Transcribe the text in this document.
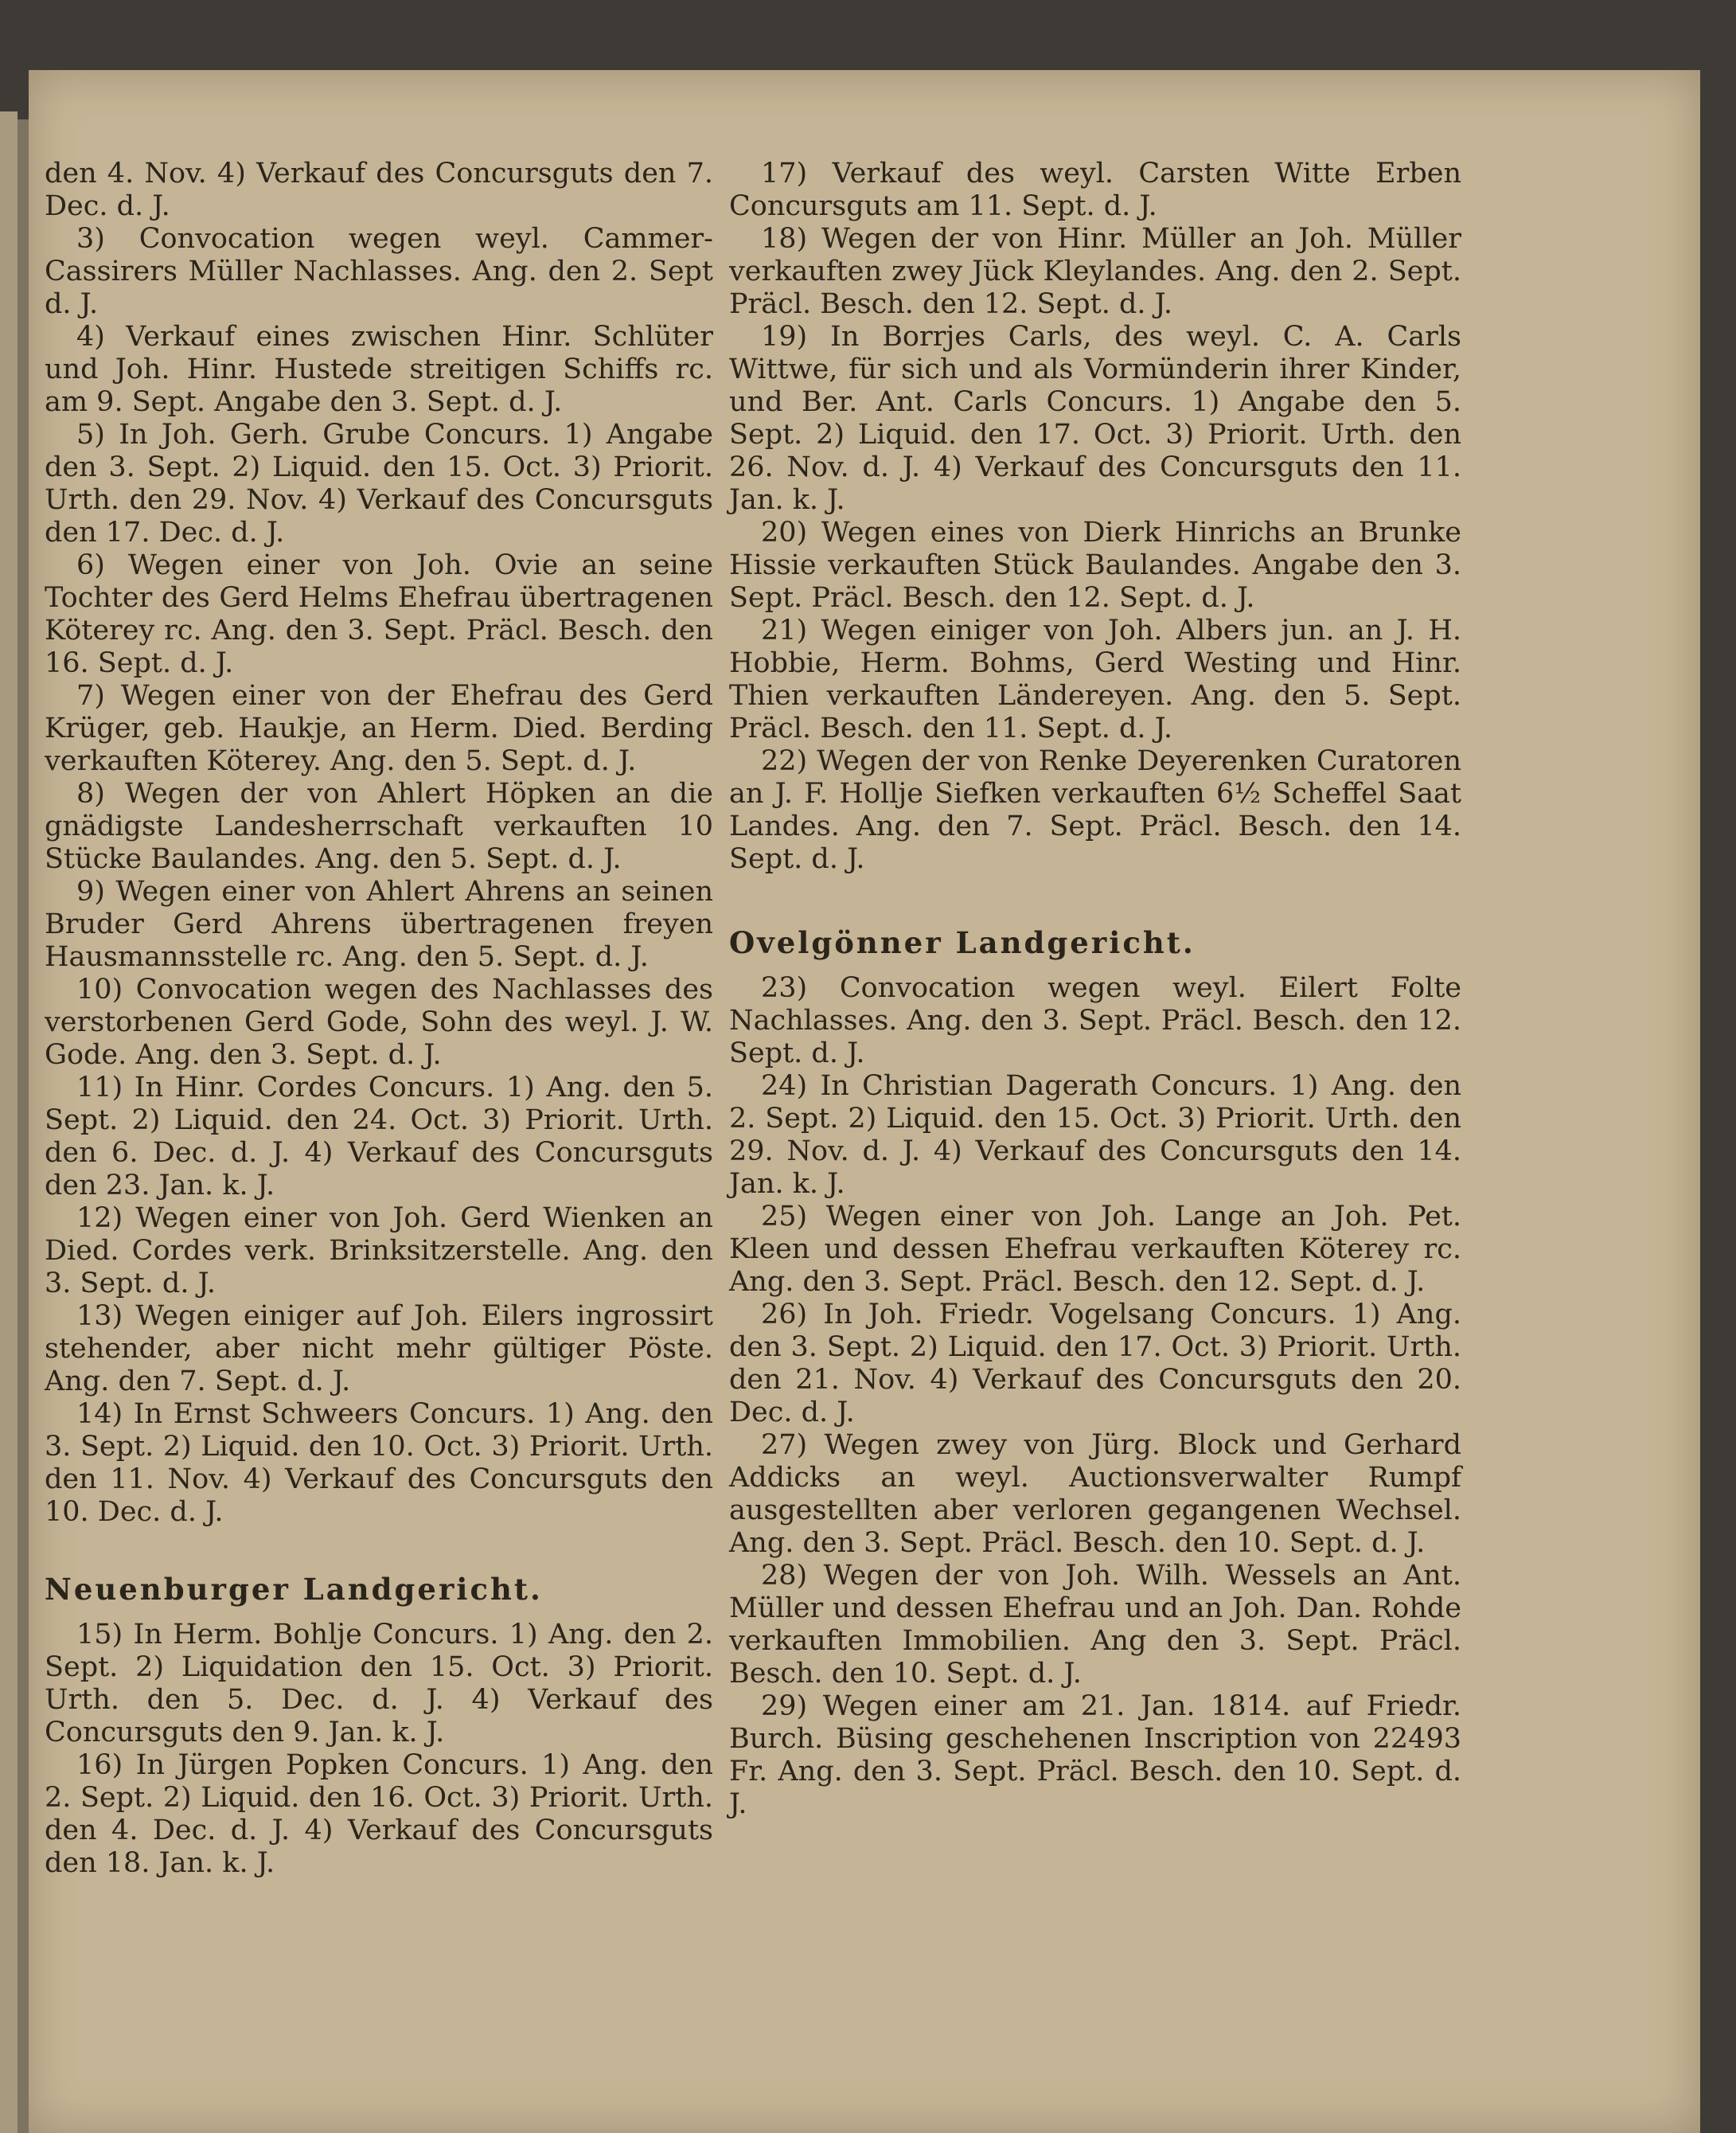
den 4. Nov. 4) Verkauf des Concursguts den 7. Dec. d. J.

3) Convocation wegen weyl. Cammer-Cassirers Müller Nachlasses. Ang. den 2. Sept d. J.

4) Verkauf eines zwischen Hinr. Schlüter und Joh. Hinr. Hustede streitigen Schiffs rc. am 9. Sept. Angabe den 3. Sept. d. J.

5) In Joh. Gerh. Grube Concurs. 1) Angabe den 3. Sept. 2) Liquid. den 15. Oct. 3) Priorit. Urth. den 29. Nov. 4) Verkauf des Concursguts den 17. Dec. d. J.

6) Wegen einer von Joh. Ovie an seine Tochter des Gerd Helms Ehefrau übertragenen Köterey rc. Ang. den 3. Sept. Präcl. Besch. den 16. Sept. d. J.

7) Wegen einer von der Ehefrau des Gerd Krüger, geb. Haukje, an Herm. Died. Berding verkauften Köterey. Ang. den 5. Sept. d. J.

8) Wegen der von Ahlert Höpken an die gnädigste Landesherrschaft verkauften 10 Stücke Baulandes. Ang. den 5. Sept. d. J.

9) Wegen einer von Ahlert Ahrens an seinen Bruder Gerd Ahrens übertragenen freyen Hausmannsstelle rc. Ang. den 5. Sept. d. J.

10) Convocation wegen des Nachlasses des verstorbenen Gerd Gode, Sohn des weyl. J. W. Gode. Ang. den 3. Sept. d. J.

11) In Hinr. Cordes Concurs. 1) Ang. den 5. Sept. 2) Liquid. den 24. Oct. 3) Priorit. Urth. den 6. Dec. d. J. 4) Verkauf des Concursguts den 23. Jan. k. J.

12) Wegen einer von Joh. Gerd Wienken an Died. Cordes verk. Brinksitzerstelle. Ang. den 3. Sept. d. J.

13) Wegen einiger auf Joh. Eilers ingrossirt stehender, aber nicht mehr gültiger Pöste. Ang. den 7. Sept. d. J.

14) In Ernst Schweers Concurs. 1) Ang. den 3. Sept. 2) Liquid. den 10. Oct. 3) Priorit. Urth. den 11. Nov. 4) Verkauf des Concursguts den 10. Dec. d. J.

Neuenburger Landgericht.

15) In Herm. Bohlje Concurs. 1) Ang. den 2. Sept. 2) Liquidation den 15. Oct. 3) Priorit. Urth. den 5. Dec. d. J. 4) Verkauf des Concursguts den 9. Jan. k. J.

16) In Jürgen Popken Concurs. 1) Ang. den 2. Sept. 2) Liquid. den 16. Oct. 3) Priorit. Urth. den 4. Dec. d. J. 4) Verkauf des Concursguts den 18. Jan. k. J.

17) Verkauf des weyl. Carsten Witte Erben Concursguts am 11. Sept. d. J.

18) Wegen der von Hinr. Müller an Joh. Müller verkauften zwey Jück Kleylandes. Ang. den 2. Sept. Präcl. Besch. den 12. Sept. d. J.

19) In Borrjes Carls, des weyl. C. A. Carls Wittwe, für sich und als Vormünderin ihrer Kinder, und Ber. Ant. Carls Concurs. 1) Angabe den 5. Sept. 2) Liquid. den 17. Oct. 3) Priorit. Urth. den 26. Nov. d. J. 4) Verkauf des Concursguts den 11. Jan. k. J.

20) Wegen eines von Dierk Hinrichs an Brunke Hissie verkauften Stück Baulandes. Angabe den 3. Sept. Präcl. Besch. den 12. Sept. d. J.

21) Wegen einiger von Joh. Albers jun. an J. H. Hobbie, Herm. Bohms, Gerd Westing und Hinr. Thien verkauften Ländereyen. Ang. den 5. Sept. Präcl. Besch. den 11. Sept. d. J.

22) Wegen der von Renke Deyerenken Curatoren an J. F. Hollje Siefken verkauften 6½ Scheffel Saat Landes. Ang. den 7. Sept. Präcl. Besch. den 14. Sept. d. J.

Ovelgönner Landgericht.

23) Convocation wegen weyl. Eilert Folte Nachlasses. Ang. den 3. Sept. Präcl. Besch. den 12. Sept. d. J.

24) In Christian Dagerath Concurs. 1) Ang. den 2. Sept. 2) Liquid. den 15. Oct. 3) Priorit. Urth. den 29. Nov. d. J. 4) Verkauf des Concursguts den 14. Jan. k. J.

25) Wegen einer von Joh. Lange an Joh. Pet. Kleen und dessen Ehefrau verkauften Köterey rc. Ang. den 3. Sept. Präcl. Besch. den 12. Sept. d. J.

26) In Joh. Friedr. Vogelsang Concurs. 1) Ang. den 3. Sept. 2) Liquid. den 17. Oct. 3) Priorit. Urth. den 21. Nov. 4) Verkauf des Concursguts den 20. Dec. d. J.

27) Wegen zwey von Jürg. Block und Gerhard Addicks an weyl. Auctionsverwalter Rumpf ausgestellten aber verloren gegangenen Wechsel. Ang. den 3. Sept. Präcl. Besch. den 10. Sept. d. J.

28) Wegen der von Joh. Wilh. Wessels an Ant. Müller und dessen Ehefrau und an Joh. Dan. Rohde verkauften Immobilien. Ang den 3. Sept. Präcl. Besch. den 10. Sept. d. J.

29) Wegen einer am 21. Jan. 1814. auf Friedr. Burch. Büsing geschehenen Inscription von 22493 Fr. Ang. den 3. Sept. Präcl. Besch. den 10. Sept. d. J.
